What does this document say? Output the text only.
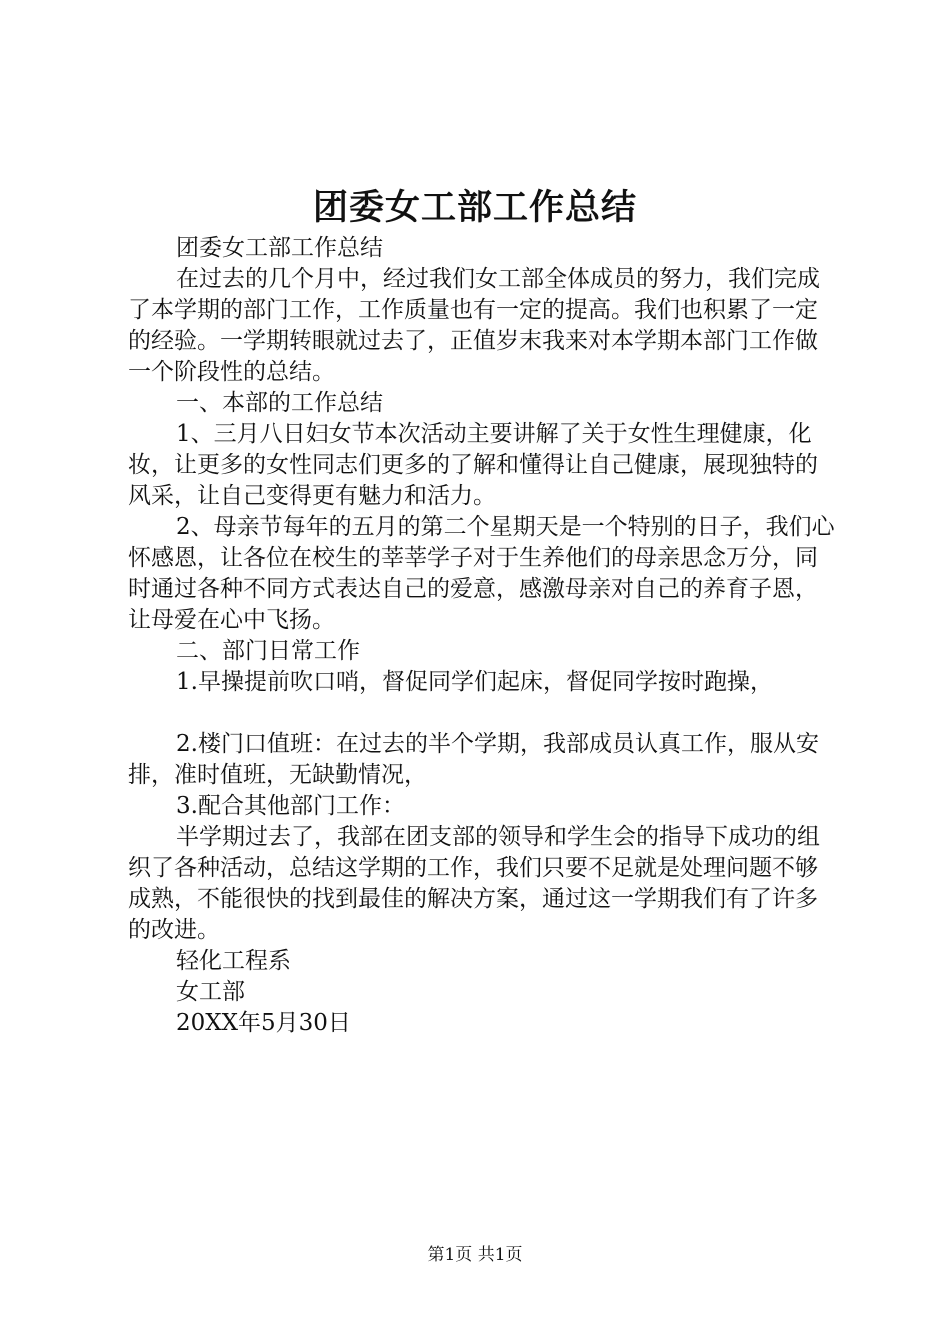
团委女工部工作总结

团委女工部工作总结

在过去的几个月中，经过我们女工部全体成员的努力，我们完成了本学期的部门工作，工作质量也有一定的提高。我们也积累了一定的经验。一学期转眼就过去了，正值岁末我来对本学期本部门工作做一个阶段性的总结。

一、本部的工作总结

1、三月八日妇女节本次活动主要讲解了关于女性生理健康，化妆，让更多的女性同志们更多的了解和懂得让自己健康，展现独特的风采，让自己变得更有魅力和活力。

2、母亲节每年的五月的第二个星期天是一个特别的日子，我们心怀感恩，让各位在校生的莘莘学子对于生养他们的母亲思念万分，同时通过各种不同方式表达自己的爱意，感激母亲对自己的养育子恩，让母爱在心中飞扬。

二、部门日常工作

1.早操提前吹口哨，督促同学们起床，督促同学按时跑操，

2.楼门口值班：在过去的半个学期，我部成员认真工作，服从安排，准时值班，无缺勤情况，

3.配合其他部门工作：

半学期过去了，我部在团支部的领导和学生会的指导下成功的组织了各种活动，总结这学期的工作，我们只要不足就是处理问题不够成熟，不能很快的找到最佳的解决方案，通过这一学期我们有了许多的改进。

轻化工程系

女工部

20XX年5月30日

第1页 共1页
